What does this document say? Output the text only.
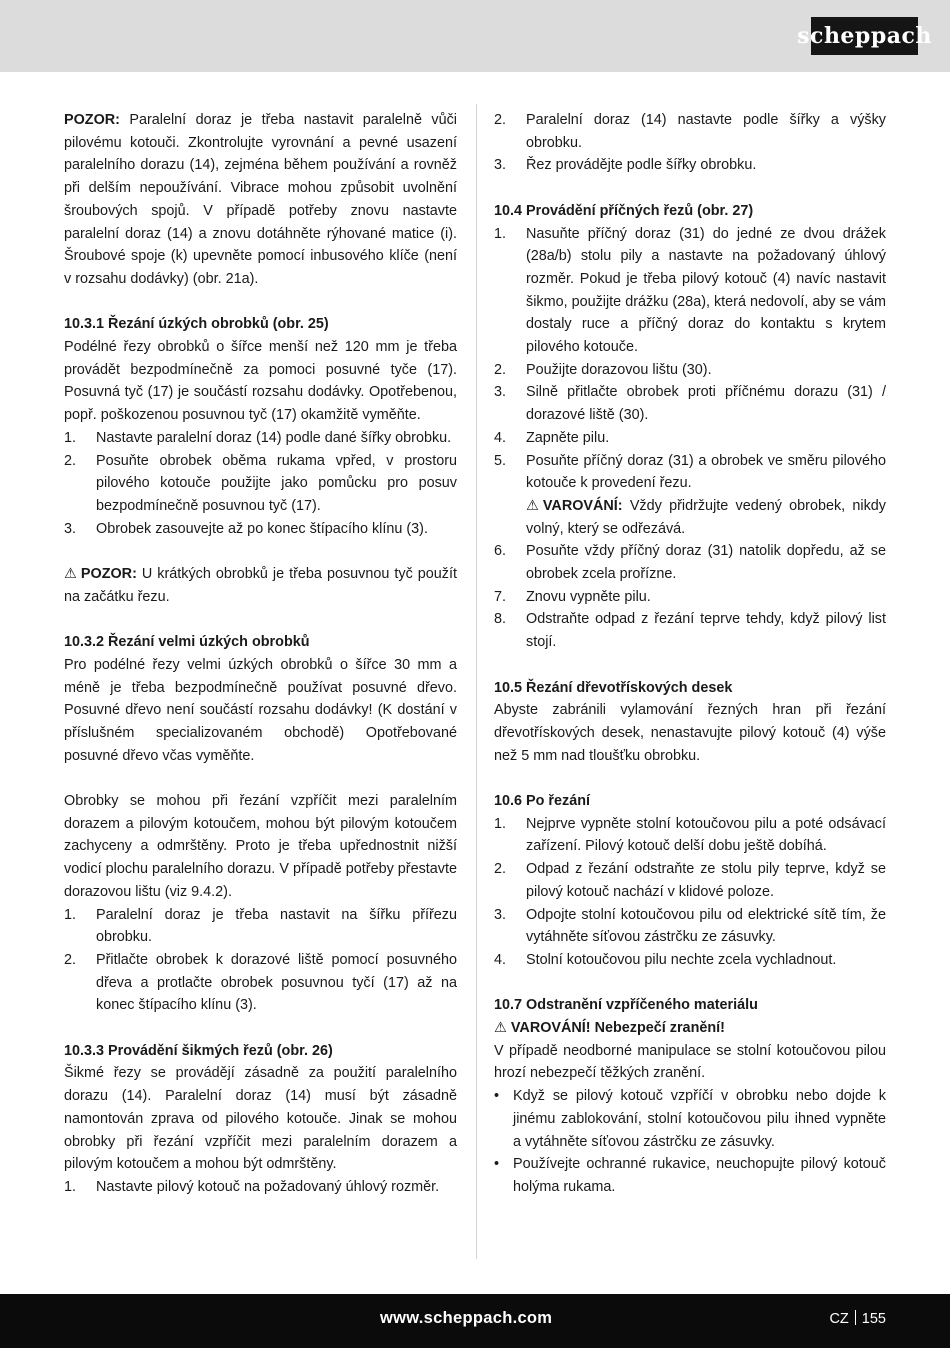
scheppach

POZOR: Paralelní doraz je třeba nastavit paralelně vůči pilovému kotouči. Zkontrolujte vyrovnání a pevné usazení paralelního dorazu (14), zejména během používání a rovněž při delším nepoužívání. Vibrace mohou způsobit uvolnění šroubových spojů. V případě potřeby znovu nastavte paralelní doraz (14) a znovu dotáhněte rýhované matice (i). Šroubové spoje (k) upevněte pomocí inbusového klíče (není v rozsahu dodávky) (obr. 21a).

10.3.1 Řezání úzkých obrobků (obr. 25)

Podélné řezy obrobků o šířce menší než 120 mm je třeba provádět bezpodmínečně za pomoci posuvné tyče (17). Posuvná tyč (17) je součástí rozsahu dodávky. Opotřebenou, popř. poškozenou posuvnou tyč (17) okamžitě vyměňte.

1. Nastavte paralelní doraz (14) podle dané šířky obrobku.

2. Posuňte obrobek oběma rukama vpřed, v prostoru pilového kotouče použijte jako pomůcku pro posuv bezpodmínečně posuvnou tyč (17).

3. Obrobek zasouvejte až po konec štípacího klínu (3).

⚠ POZOR: U krátkých obrobků je třeba posuvnou tyč použít na začátku řezu.

10.3.2 Řezání velmi úzkých obrobků

Pro podélné řezy velmi úzkých obrobků o šířce 30 mm a méně je třeba bezpodmínečně používat posuvné dřevo. Posuvné dřevo není součástí rozsahu dodávky! (K dostání v příslušném specializovaném obchodě) Opotřebované posuvné dřevo včas vyměňte.

Obrobky se mohou při řezání vzpříčit mezi paralelním dorazem a pilovým kotoučem, mohou být pilovým kotoučem zachyceny a odmrštěny. Proto je třeba upřednostnit nižší vodicí plochu paralelního dorazu. V případě potřeby přestavte dorazovou lištu (viz 9.4.2).

1. Paralelní doraz je třeba nastavit na šířku přířezu obrobku.

2. Přitlačte obrobek k dorazové liště pomocí posuvného dřeva a protlačte obrobek posuvnou tyčí (17) až na konec štípacího klínu (3).

10.3.3 Provádění šikmých řezů (obr. 26)

Šikmé řezy se provádějí zásadně za použití paralelního dorazu (14). Paralelní doraz (14) musí být zásadně namontován zprava od pilového kotouče. Jinak se mohou obrobky při řezání vzpříčit mezi paralelním dorazem a pilovým kotoučem a mohou být odmrštěny.

1. Nastavte pilový kotouč na požadovaný úhlový rozměr.

2. Paralelní doraz (14) nastavte podle šířky a výšky obrobku.

3. Řez provádějte podle šířky obrobku.

10.4 Provádění příčných řezů (obr. 27)

1. Nasuňte příčný doraz (31) do jedné ze dvou drážek (28a/b) stolu pily a nastavte na požadovaný úhlový rozměr. Pokud je třeba pilový kotouč (4) navíc nastavit šikmo, použijte drážku (28a), která nedovolí, aby se vám dostaly ruce a příčný doraz do kontaktu s krytem pilového kotouče.

2. Použijte dorazovou lištu (30).

3. Silně přitlačte obrobek proti příčnému dorazu (31) / dorazové liště (30).

4. Zapněte pilu.

5. Posuňte příčný doraz (31) a obrobek ve směru pilového kotouče k provedení řezu.

⚠ VAROVÁNÍ: Vždy přidržujte vedený obrobek, nikdy volný, který se odřezává.

6. Posuňte vždy příčný doraz (31) natolik dopředu, až se obrobek zcela prořízne.

7. Znovu vypněte pilu.

8. Odstraňte odpad z řezání teprve tehdy, když pilový list stojí.

10.5 Řezání dřevotřískových desek

Abyste zabránili vylamování řezných hran při řezání dřevotřískových desek, nenastavujte pilový kotouč (4) výše než 5 mm nad tloušťku obrobku.

10.6 Po řezání

1. Nejprve vypněte stolní kotoučovou pilu a poté odsávací zařízení. Pilový kotouč delší dobu ještě dobíhá.

2. Odpad z řezání odstraňte ze stolu pily teprve, když se pilový kotouč nachází v klidové poloze.

3. Odpojte stolní kotoučovou pilu od elektrické sítě tím, že vytáhněte síťovou zástrčku ze zásuvky.

4. Stolní kotoučovou pilu nechte zcela vychladnout.

10.7 Odstranění vzpříčeného materiálu

⚠ VAROVÁNÍ! Nebezpečí zranění!

V případě neodborné manipulace se stolní kotoučovou pilou hrozí nebezpečí těžkých zranění.

• Když se pilový kotouč vzpříčí v obrobku nebo dojde k jinému zablokování, stolní kotoučovou pilu ihned vypněte a vytáhněte síťovou zástrčku ze zásuvky.

• Používejte ochranné rukavice, neuchopujte pilový kotouč holýma rukama.

www.scheppach.com	CZ 155
